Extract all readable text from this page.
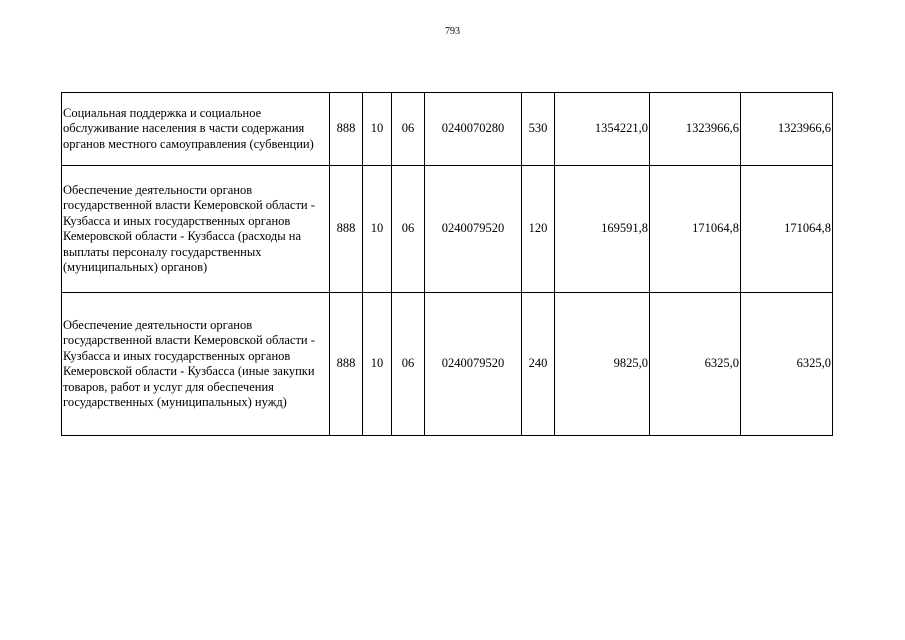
793
Социальная поддержка и социальное обслуживание населения в части содержания органов местного самоуправления (субвенции)	888	10	06	0240070280	530	1354221,0	1323966,6	1323966,6
Обеспечение деятельности органов государственной власти Кемеровской области - Кузбасса и иных государственных органов Кемеровской области - Кузбасса (расходы на выплаты персоналу государственных (муниципальных) органов)	888	10	06	0240079520	120	169591,8	171064,8	171064,8
Обеспечение деятельности органов государственной власти Кемеровской области - Кузбасса и иных государственных органов Кемеровской области - Кузбасса (иные закупки товаров, работ и услуг для обеспечения государственных (муниципальных) нужд)	888	10	06	0240079520	240	9825,0	6325,0	6325,0
